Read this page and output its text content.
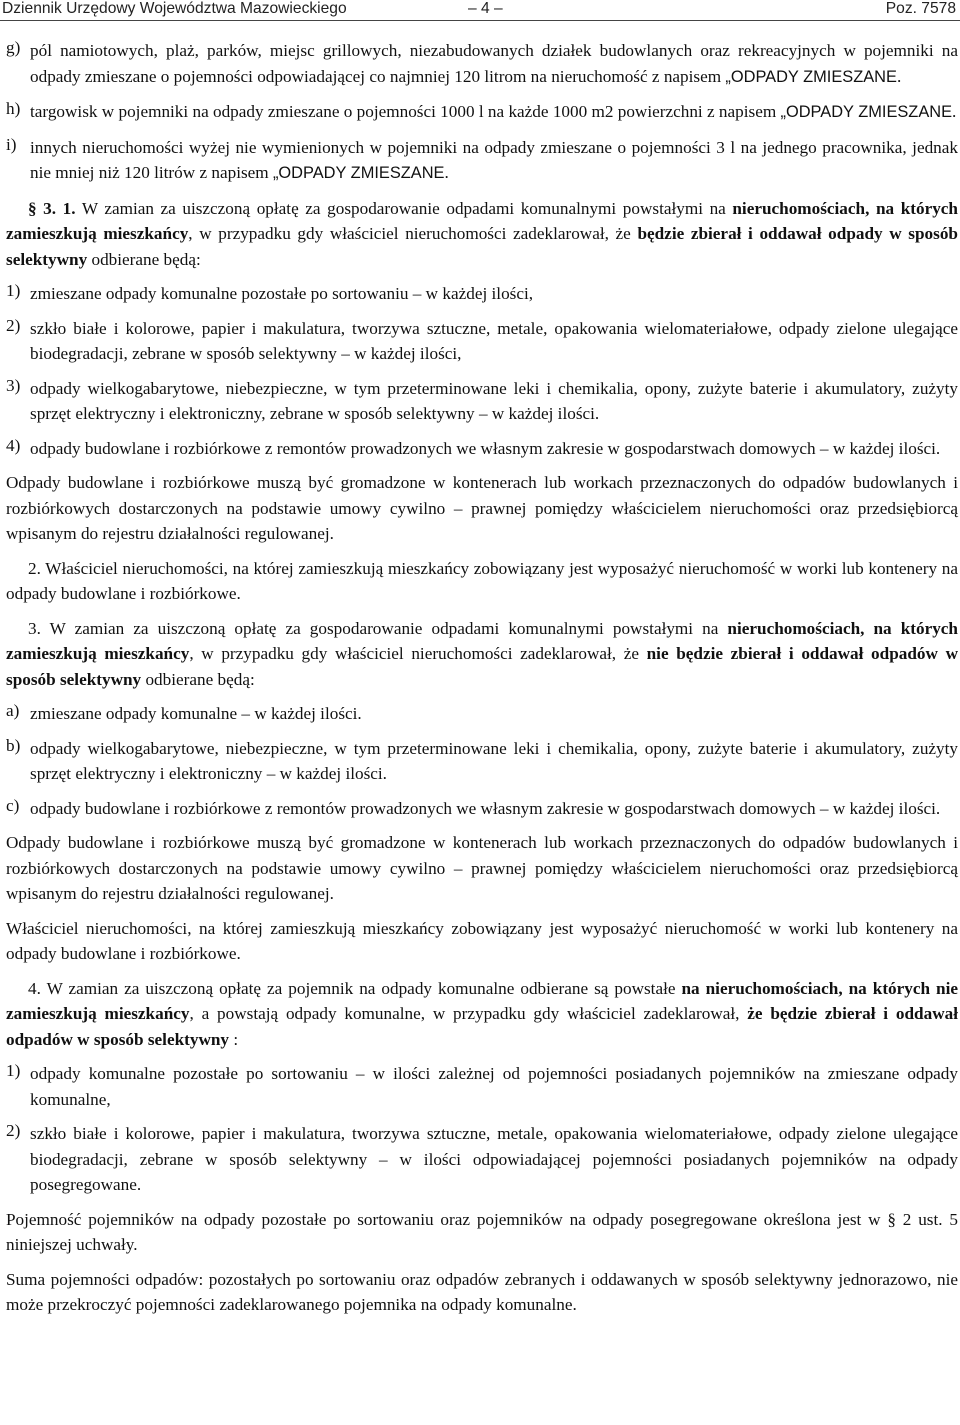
Dziennik Urzędowy Województwa Mazowieckiego	– 4 –	Poz. 7578
g) pól namiotowych, plaż, parków, miejsc grillowych, niezabudowanych działek budowlanych oraz rekreacyjnych w pojemniki na odpady zmieszane o pojemności odpowiadającej co najmniej 120 litrom na nieruchomość z napisem „ODPADY ZMIESZANE.

h) targowisk w pojemniki na odpady zmieszane o pojemności 1000 l na każde 1000 m2 powierzchni z napisem „ODPADY ZMIESZANE.

i) innych nieruchomości wyżej nie wymienionych w pojemniki na odpady zmieszane o pojemności 3 l na jednego pracownika, jednak nie mniej niż 120 litrów z napisem „ODPADY ZMIESZANE.

§ 3. 1. W zamian za uiszczoną opłatę za gospodarowanie odpadami komunalnymi powstałymi na nieruchomościach, na których zamieszkują mieszkańcy, w przypadku gdy właściciel nieruchomości zadeklarował, że będzie zbierał i oddawał odpady w sposób selektywny odbierane będą:

1) zmieszane odpady komunalne pozostałe po sortowaniu – w każdej ilości,

2) szkło białe i kolorowe, papier i makulatura, tworzywa sztuczne, metale, opakowania wielomateriałowe, odpady zielone ulegające biodegradacji, zebrane w sposób selektywny – w każdej ilości,

3) odpady wielkogabarytowe, niebezpieczne, w tym przeterminowane leki i chemikalia, opony, zużyte baterie i akumulatory, zużyty sprzęt elektryczny i elektroniczny, zebrane w sposób selektywny – w każdej ilości.

4) odpady budowlane i rozbiórkowe z remontów prowadzonych we własnym zakresie w gospodarstwach domowych – w każdej ilości.

Odpady budowlane i rozbiórkowe muszą być gromadzone w kontenerach lub workach przeznaczonych do odpadów budowlanych i rozbiórkowych dostarczonych na podstawie umowy cywilno – prawnej pomiędzy właścicielem nieruchomości oraz przedsiębiorcą wpisanym do rejestru działalności regulowanej.

2. Właściciel nieruchomości, na której zamieszkują mieszkańcy zobowiązany jest wyposażyć nieruchomość w worki lub kontenery na odpady budowlane i rozbiórkowe.

3. W zamian za uiszczoną opłatę za gospodarowanie odpadami komunalnymi powstałymi na nieruchomościach, na których zamieszkują mieszkańcy, w przypadku gdy właściciel nieruchomości zadeklarował, że nie będzie zbierał i oddawał odpadów w sposób selektywny odbierane będą:

a) zmieszane odpady komunalne – w każdej ilości.

b) odpady wielkogabarytowe, niebezpieczne, w tym przeterminowane leki i chemikalia, opony, zużyte baterie i akumulatory, zużyty sprzęt elektryczny i elektroniczny – w każdej ilości.

c) odpady budowlane i rozbiórkowe z remontów prowadzonych we własnym zakresie w gospodarstwach domowych – w każdej ilości.

Odpady budowlane i rozbiórkowe muszą być gromadzone w kontenerach lub workach przeznaczonych do odpadów budowlanych i rozbiórkowych dostarczonych na podstawie umowy cywilno – prawnej pomiędzy właścicielem nieruchomości oraz przedsiębiorcą wpisanym do rejestru działalności regulowanej.

Właściciel nieruchomości, na której zamieszkują mieszkańcy zobowiązany jest wyposażyć nieruchomość w worki lub kontenery na odpady budowlane i rozbiórkowe.

4. W zamian za uiszczoną opłatę za pojemnik na odpady komunalne odbierane są powstałe na nieruchomościach, na których nie zamieszkują mieszkańcy, a powstają odpady komunalne, w przypadku gdy właściciel zadeklarował, że będzie zbierał i oddawał odpadów w sposób selektywny :

1) odpady komunalne pozostałe po sortowaniu – w ilości zależnej od pojemności posiadanych pojemników na zmieszane odpady komunalne,

2) szkło białe i kolorowe, papier i makulatura, tworzywa sztuczne, metale, opakowania wielomateriałowe, odpady zielone ulegające biodegradacji, zebrane w sposób selektywny – w ilości odpowiadającej pojemności posiadanych pojemników na odpady posegregowane.

Pojemność pojemników na odpady pozostałe po sortowaniu oraz pojemników na odpady posegregowane określona jest w § 2 ust. 5 niniejszej uchwały.

Suma pojemności odpadów: pozostałych po sortowaniu oraz odpadów zebranych i oddawanych w sposób selektywny jednorazowo, nie może przekroczyć pojemności zadeklarowanego pojemnika na odpady komunalne.
